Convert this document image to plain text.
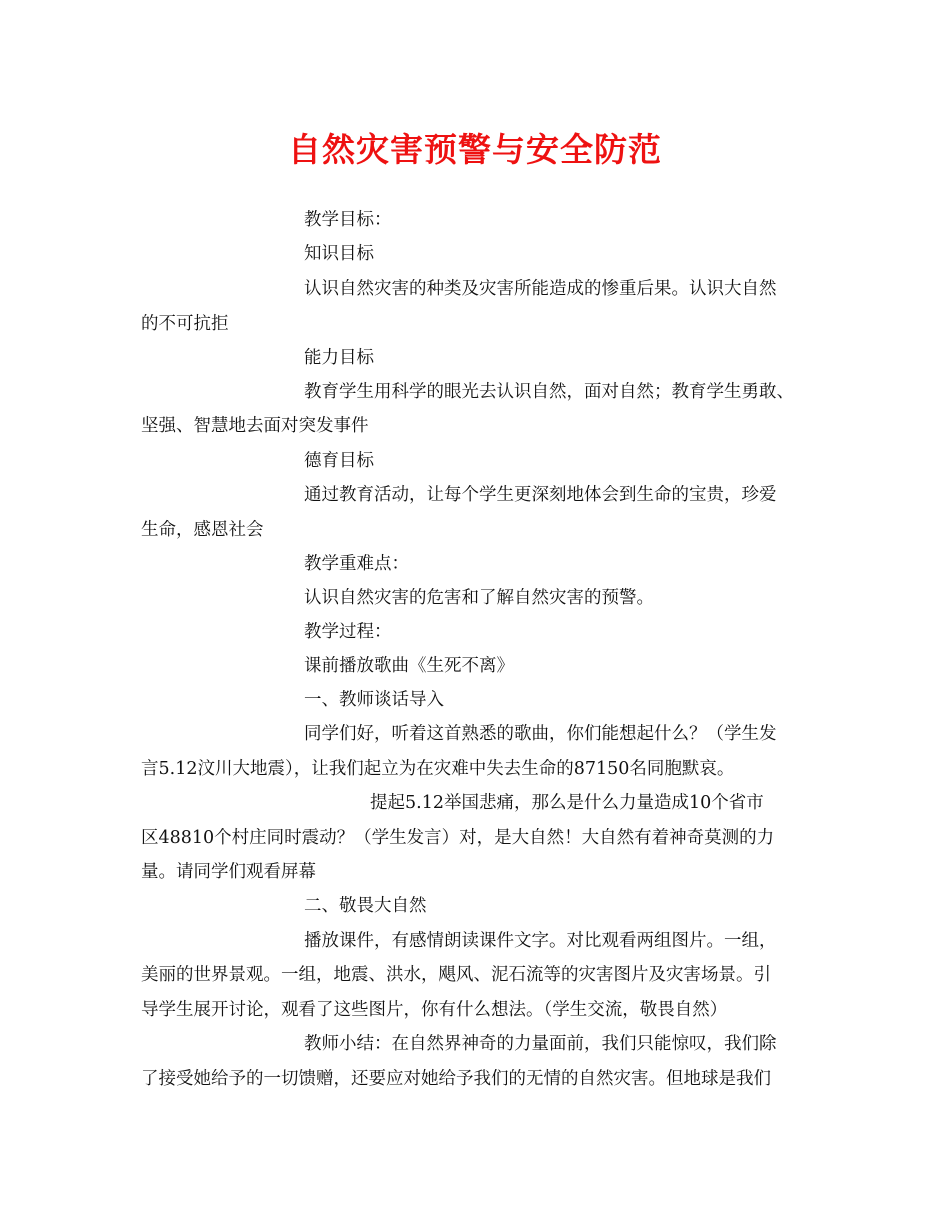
自然灾害预警与安全防范
教学目标：
知识目标
认识自然灾害的种类及灾害所能造成的惨重后果。认识大自然
的不可抗拒
能力目标
教育学生用科学的眼光去认识自然，面对自然；教育学生勇敢、
坚强、智慧地去面对突发事件
德育目标
通过教育活动，让每个学生更深刻地体会到生命的宝贵，珍爱
生命，感恩社会
教学重难点：
认识自然灾害的危害和了解自然灾害的预警。
教学过程：
课前播放歌曲《生死不离》
一、教师谈话导入
同学们好，听着这首熟悉的歌曲，你们能想起什么？（学生发
言5.12汶川大地震），让我们起立为在灾难中失去生命的87150名同胞默哀。
提起5.12举国悲痛，那么是什么力量造成10个省市
区48810个村庄同时震动？（学生发言）对，是大自然！大自然有着神奇莫测的力
量。请同学们观看屏幕
二、敬畏大自然
播放课件，有感情朗读课件文字。对比观看两组图片。一组，
美丽的世界景观。一组，地震、洪水，飓风、泥石流等的灾害图片及灾害场景。引
导学生展开讨论，观看了这些图片，你有什么想法。（学生交流，敬畏自然）
教师小结：在自然界神奇的力量面前，我们只能惊叹，我们除
了接受她给予的一切馈赠，还要应对她给予我们的无情的自然灾害。但地球是我们
